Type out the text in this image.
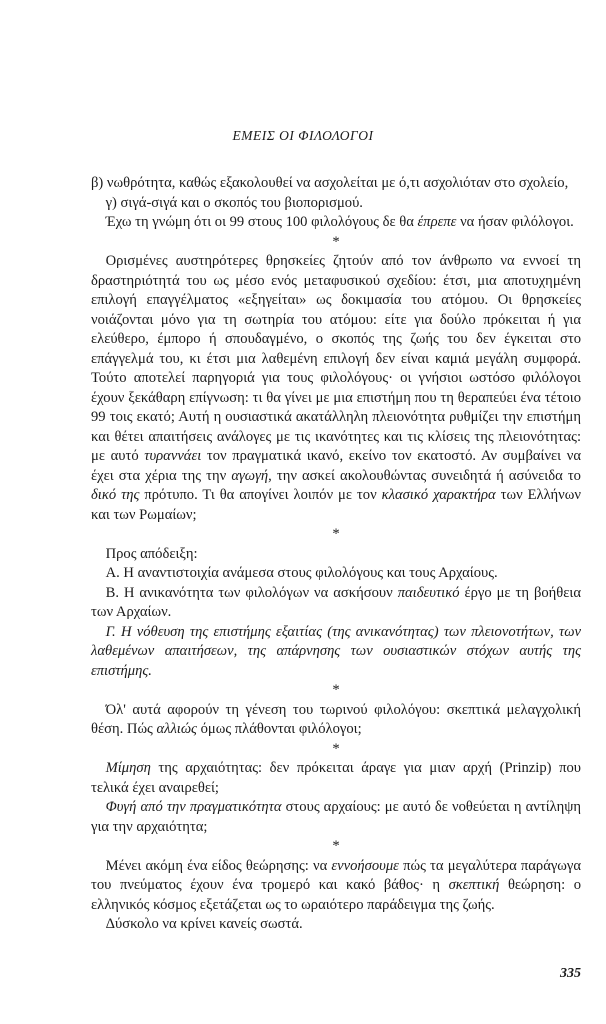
ΕΜΕΙΣ ΟΙ ΦΙΛΟΛΟΓΟΙ

β) νωθρότητα, καθώς εξακολουθεί να ασχολείται με ό,τι ασχολιόταν στο σχολείο,

 γ) σιγά-σιγά και ο σκοπός του βιοπορισμού.

 Έχω τη γνώμη ότι οι 99 στους 100 φιλολόγους δε θα έπρεπε να ήσαν φιλόλογοι.

*

 Ορισμένες αυστηρότερες θρησκείες ζητούν από τον άνθρωπο να εννοεί τη δραστηριότητά του ως μέσο ενός μεταφυσικού σχεδίου: έτσι, μια αποτυχημένη επιλογή επαγγέλματος «εξηγείται» ως δοκιμασία του ατόμου. Οι θρησκείες νοιάζονται μόνο για τη σωτηρία του ατόμου: είτε για δούλο πρόκειται ή για ελεύθερο, έμπορο ή σπουδαγμένο, ο σκοπός της ζωής του δεν έγκειται στο επάγγελμά του, κι έτσι μια λαθεμένη επιλογή δεν είναι καμιά μεγάλη συμφορά. Τούτο αποτελεί παρηγοριά για τους φιλολόγους· οι γνήσιοι ωστόσο φιλόλογοι έχουν ξεκάθαρη επίγνωση: τι θα γίνει με μια επιστήμη που τη θεραπεύει ένα τέτοιο 99 τοις εκατό; Αυτή η ουσιαστικά ακατάλληλη πλειονότητα ρυθμίζει την επιστήμη και θέτει απαιτήσεις ανάλογες με τις ικανότητες και τις κλίσεις της πλειονότητας: με αυτό τυραννάει τον πραγματικά ικανό, εκείνο τον εκατοστό. Αν συμβαίνει να έχει στα χέρια της την αγωγή, την ασκεί ακολουθώντας συνειδητά ή ασύνειδα το δικό της πρότυπο. Τι θα απογίνει λοιπόν με τον κλασικό χαρακτήρα των Ελλήνων και των Ρωμαίων;

*

 Προς απόδειξη:

 Α. Η αναντιστοιχία ανάμεσα στους φιλολόγους και τους Αρχαίους.

 Β. Η ανικανότητα των φιλολόγων να ασκήσουν παιδευτικό έργο με τη βοήθεια των Αρχαίων.

 Γ. Η νόθευση της επιστήμης εξαιτίας (της ανικανότητας) των πλειονοτήτων, των λαθεμένων απαιτήσεων, της απάρνησης των ουσιαστικών στόχων αυτής της επιστήμης.

*

 Όλ' αυτά αφορούν τη γένεση του τωρινού φιλολόγου: σκεπτικά μελαγχολική θέση. Πώς αλλιώς όμως πλάθονται φιλόλογοι;

*

 Μίμηση της αρχαιότητας: δεν πρόκειται άραγε για μιαν αρχή (Prinzip) που τελικά έχει αναιρεθεί;

 Φυγή από την πραγματικότητα στους αρχαίους: με αυτό δε νοθεύεται η αντίληψη για την αρχαιότητα;

*

 Μένει ακόμη ένα είδος θεώρησης: να εννοήσουμε πώς τα μεγαλύτερα παράγωγα του πνεύματος έχουν ένα τρομερό και κακό βάθος· η σκεπτική θεώρηση: ο ελληνικός κόσμος εξετάζεται ως το ωραιότερο παράδειγμα της ζωής.

 Δύσκολο να κρίνει κανείς σωστά.

335
